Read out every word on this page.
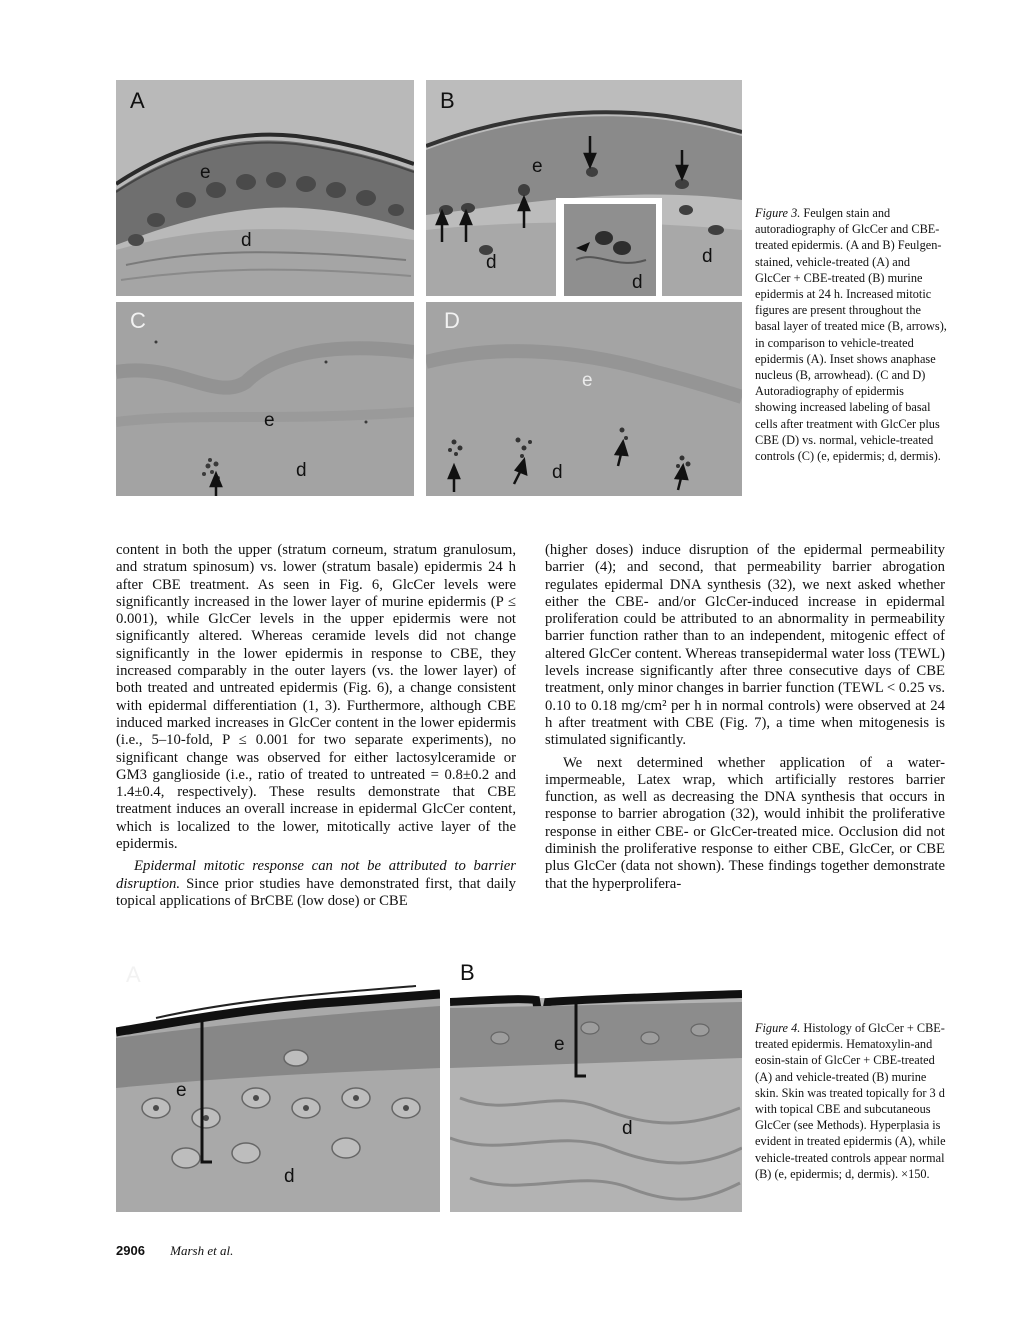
A
e
d
B
e
d
d
d
C
e
d
D
e
d
Figure 3. Feulgen stain and autoradiography of GlcCer and CBE-treated epidermis. (A and B) Feulgen-stained, vehicle-treated (A) and GlcCer + CBE-treated (B) murine epidermis at 24 h. Increased mitotic figures are present throughout the basal layer of treated mice (B, arrows), in comparison to vehicle-treated epidermis (A). Inset shows anaphase nucleus (B, arrowhead). (C and D) Autoradiography of epidermis showing increased labeling of basal cells after treatment with GlcCer plus CBE (D) vs. normal, vehicle-treated controls (C) (e, epidermis; d, dermis).

content in both the upper (stratum corneum, stratum granulosum, and stratum spinosum) vs. lower (stratum basale) epidermis 24 h after CBE treatment. As seen in Fig. 6, GlcCer levels were significantly increased in the lower layer of murine epidermis (P ≤ 0.001), while GlcCer levels in the upper epidermis were not significantly altered. Whereas ceramide levels did not change significantly in the lower epidermis in response to CBE, they increased comparably in the outer layers (vs. the lower layer) of both treated and untreated epidermis (Fig. 6), a change consistent with epidermal differentiation (1, 3). Furthermore, although CBE induced marked increases in GlcCer content in the lower epidermis (i.e., 5–10-fold, P ≤ 0.001 for two separate experiments), no significant change was observed for either lactosylceramide or GM3 ganglioside (i.e., ratio of treated to untreated = 0.8±0.2 and 1.4±0.4, respectively). These results demonstrate that CBE treatment induces an overall increase in epidermal GlcCer content, which is localized to the lower, mitotically active layer of the epidermis.

Epidermal mitotic response can not be attributed to barrier disruption. Since prior studies have demonstrated first, that daily topical applications of BrCBE (low dose) or CBE

(higher doses) induce disruption of the epidermal permeability barrier (4); and second, that permeability barrier abrogation regulates epidermal DNA synthesis (32), we next asked whether either the CBE- and/or GlcCer-induced increase in epidermal proliferation could be attributed to an abnormality in permeability barrier function rather than to an independent, mitogenic effect of altered GlcCer content. Whereas transepidermal water loss (TEWL) levels increase significantly after three consecutive days of CBE treatment, only minor changes in barrier function (TEWL < 0.25 vs. 0.10 to 0.18 mg/cm² per h in normal controls) were observed at 24 h after treatment with CBE (Fig. 7), a time when mitogenesis is stimulated significantly.

We next determined whether application of a water-impermeable, Latex wrap, which artificially restores barrier function, as well as decreasing the DNA synthesis that occurs in response to barrier abrogation (32), would inhibit the proliferative response in either CBE- or GlcCer-treated mice. Occlusion did not diminish the proliferative response to either CBE, GlcCer, or CBE plus GlcCer (data not shown). These findings together demonstrate that the hyperprolifera-

A
e
d
B
e
d
Figure 4. Histology of GlcCer + CBE-treated epidermis. Hematoxylin-and eosin-stain of GlcCer + CBE-treated (A) and vehicle-treated (B) murine skin. Skin was treated topically for 3 d with topical CBE and subcutaneous GlcCer (see Methods). Hyperplasia is evident in treated epidermis (A), while vehicle-treated controls appear normal (B) (e, epidermis; d, dermis). ×150.
2906 Marsh et al.
